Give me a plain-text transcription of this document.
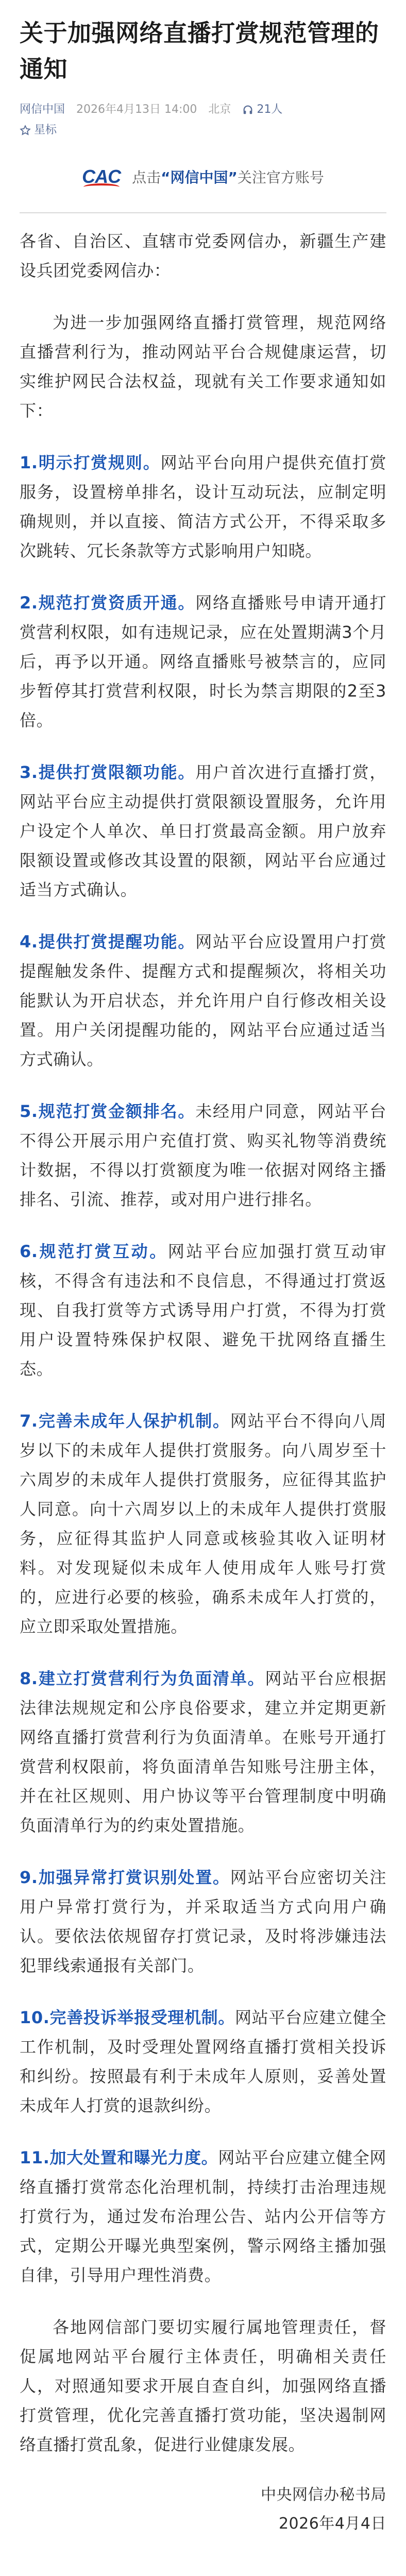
关于加强网络直播打赏规范管理的通知
网信中国 2026年4月13日 14:00 北京 21人
星标
CAC 点击“网信中国”关注官方账号

各省、自治区、直辖市党委网信办，新疆生产建设兵团党委网信办：

为进一步加强网络直播打赏管理，规范网络直播营利行为，推动网站平台合规健康运营，切实维护网民合法权益，现就有关工作要求通知如下：

1.明示打赏规则。网站平台向用户提供充值打赏服务，设置榜单排名，设计互动玩法，应制定明确规则，并以直接、简洁方式公开，不得采取多次跳转、冗长条款等方式影响用户知晓。

2.规范打赏资质开通。网络直播账号申请开通打赏营利权限，如有违规记录，应在处置期满3个月后，再予以开通。网络直播账号被禁言的，应同步暂停其打赏营利权限，时长为禁言期限的2至3倍。

3.提供打赏限额功能。用户首次进行直播打赏，网站平台应主动提供打赏限额设置服务，允许用户设定个人单次、单日打赏最高金额。用户放弃限额设置或修改其设置的限额，网站平台应通过适当方式确认。

4.提供打赏提醒功能。网站平台应设置用户打赏提醒触发条件、提醒方式和提醒频次，将相关功能默认为开启状态，并允许用户自行修改相关设置。用户关闭提醒功能的，网站平台应通过适当方式确认。

5.规范打赏金额排名。未经用户同意，网站平台不得公开展示用户充值打赏、购买礼物等消费统计数据，不得以打赏额度为唯一依据对网络主播排名、引流、推荐，或对用户进行排名。

6.规范打赏互动。网站平台应加强打赏互动审核，不得含有违法和不良信息，不得通过打赏返现、自我打赏等方式诱导用户打赏，不得为打赏用户设置特殊保护权限、避免干扰网络直播生态。

7.完善未成年人保护机制。网站平台不得向八周岁以下的未成年人提供打赏服务。向八周岁至十六周岁的未成年人提供打赏服务，应征得其监护人同意。向十六周岁以上的未成年人提供打赏服务，应征得其监护人同意或核验其收入证明材料。对发现疑似未成年人使用成年人账号打赏的，应进行必要的核验，确系未成年人打赏的，应立即采取处置措施。

8.建立打赏营利行为负面清单。网站平台应根据法律法规规定和公序良俗要求，建立并定期更新网络直播打赏营利行为负面清单。在账号开通打赏营利权限前，将负面清单告知账号注册主体，并在社区规则、用户协议等平台管理制度中明确负面清单行为的约束处置措施。

9.加强异常打赏识别处置。网站平台应密切关注用户异常打赏行为，并采取适当方式向用户确认。要依法依规留存打赏记录，及时将涉嫌违法犯罪线索通报有关部门。

10.完善投诉举报受理机制。网站平台应建立健全工作机制，及时受理处置网络直播打赏相关投诉和纠纷。按照最有利于未成年人原则，妥善处置未成年人打赏的退款纠纷。

11.加大处置和曝光力度。网站平台应建立健全网络直播打赏常态化治理机制，持续打击治理违规打赏行为，通过发布治理公告、站内公开信等方式，定期公开曝光典型案例，警示网络主播加强自律，引导用户理性消费。

各地网信部门要切实履行属地管理责任，督促属地网站平台履行主体责任，明确相关责任人，对照通知要求开展自查自纠，加强网络直播打赏管理，优化完善直播打赏功能，坚决遏制网络直播打赏乱象，促进行业健康发展。

中央网信办秘书局
2026年4月4日
